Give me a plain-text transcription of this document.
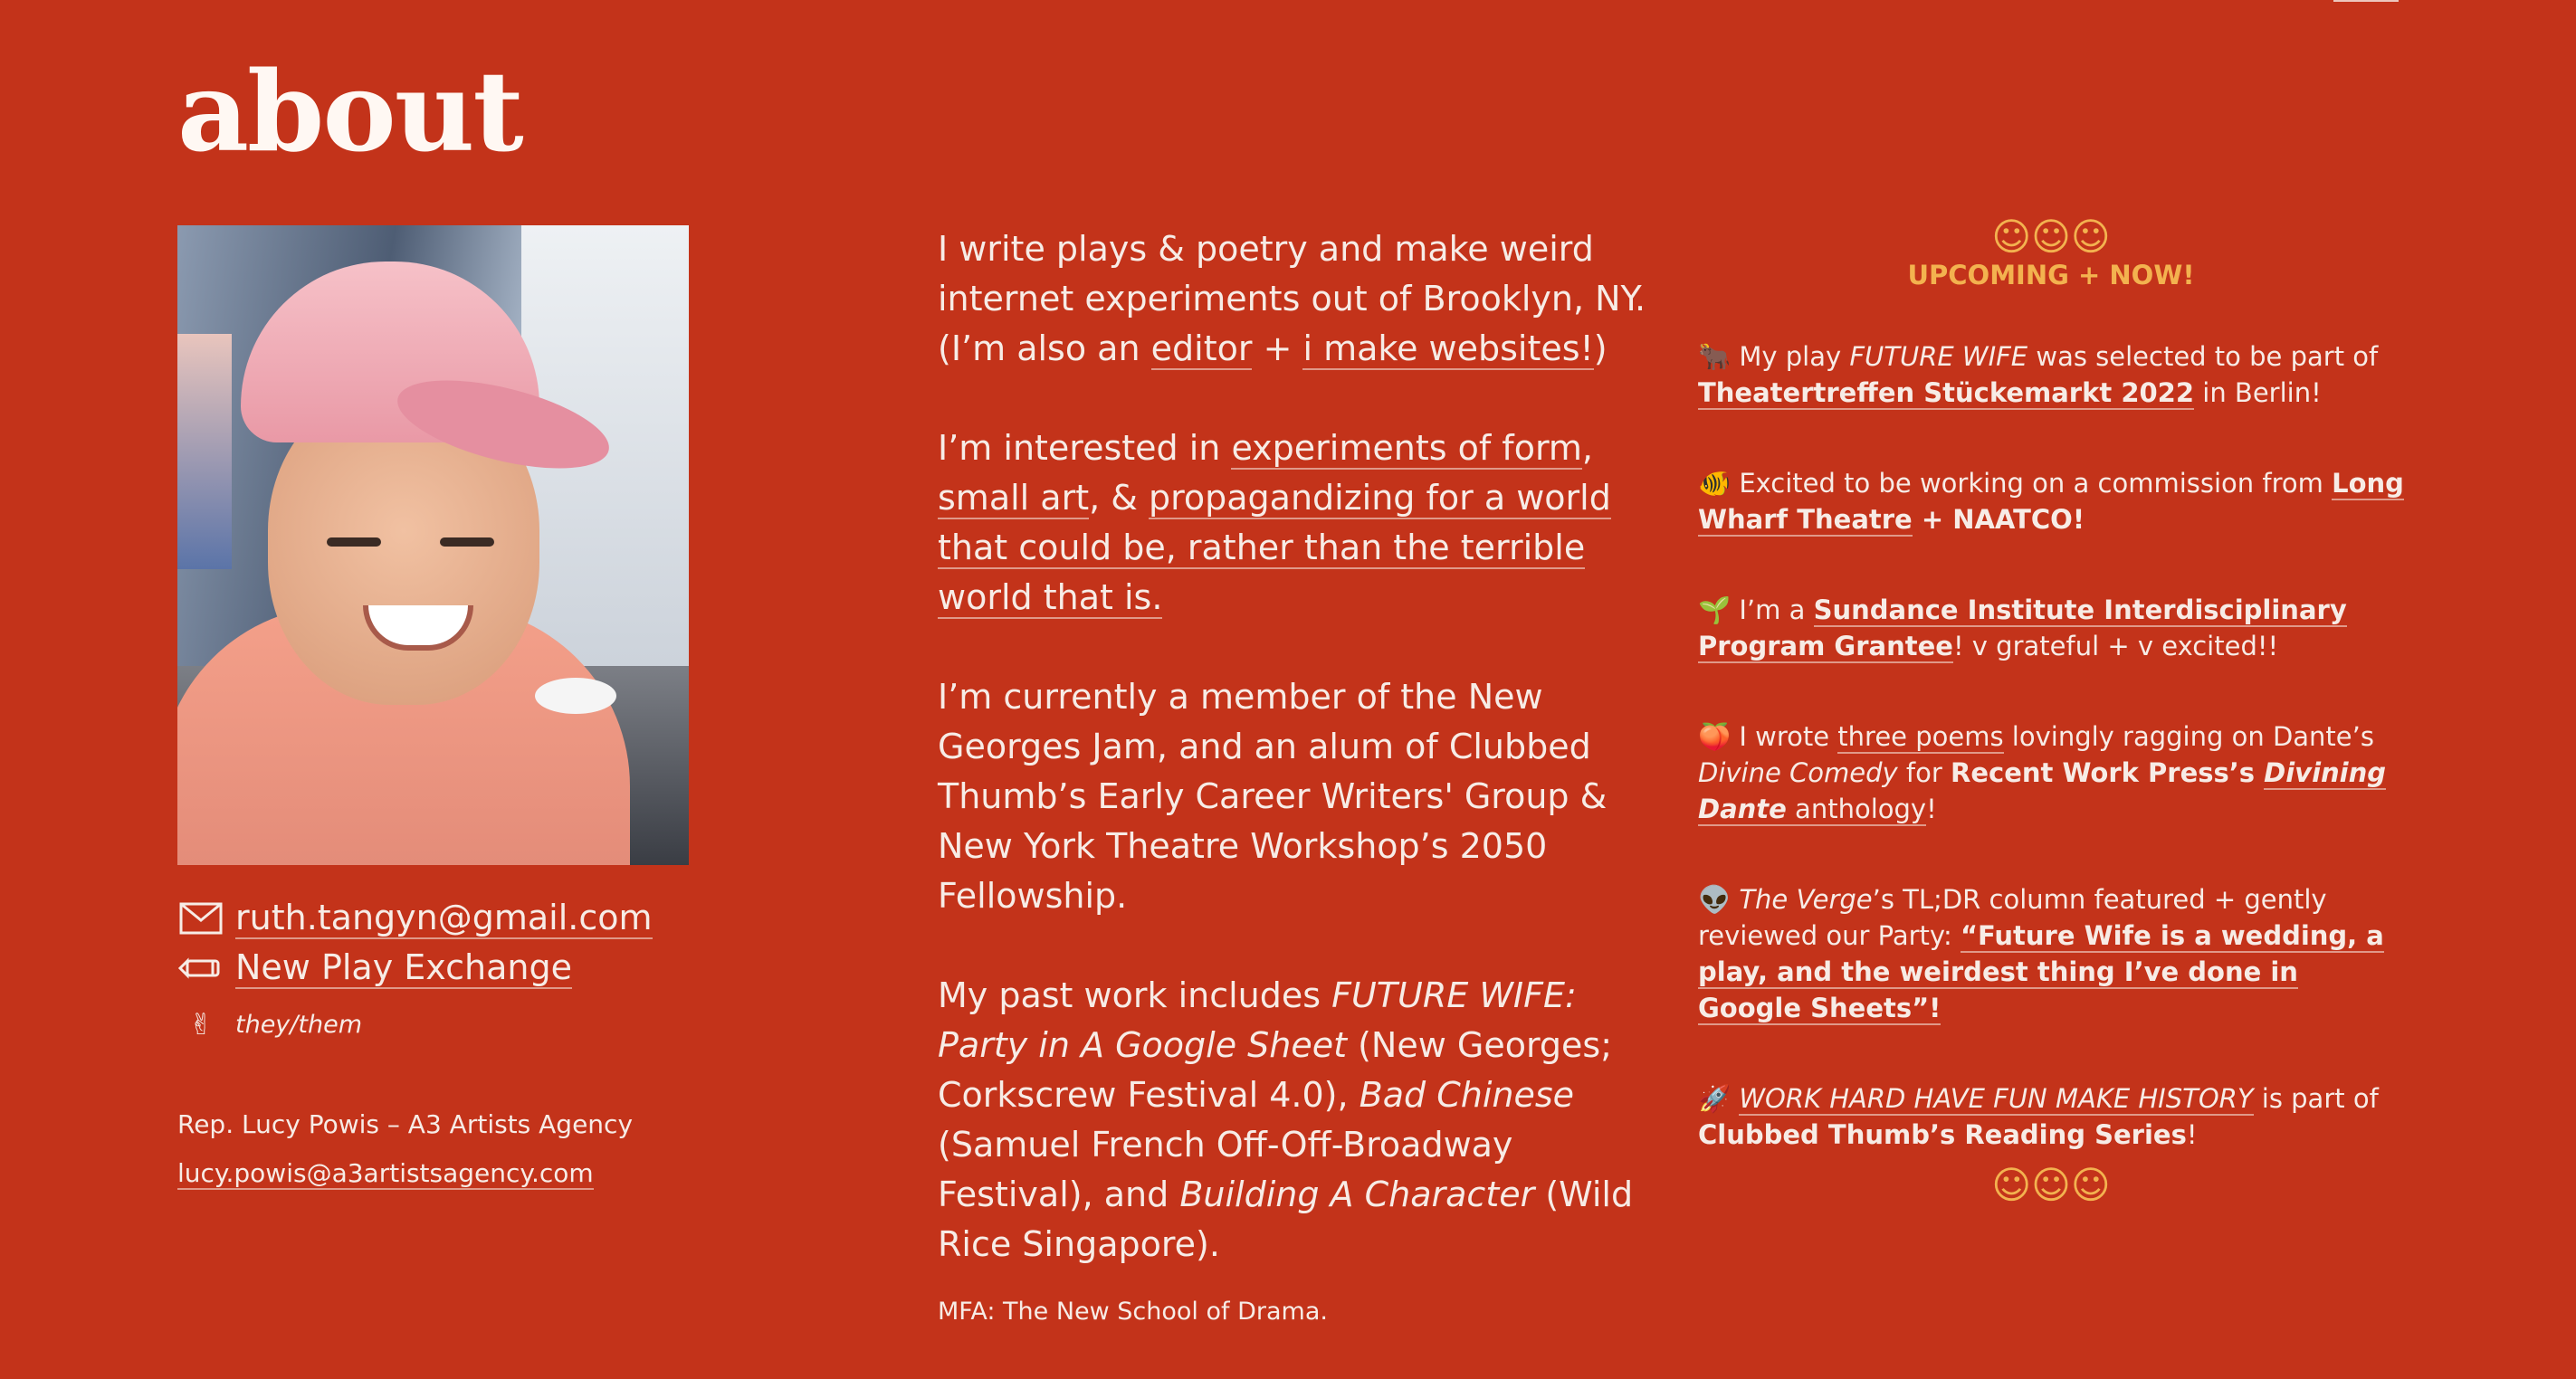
about
ruth.tangyn@gmail.com
New Play Exchange
✌ they/them
Rep. Lucy Powis – A3 Artists Agency
lucy.powis@a3artistsagency.com

I write plays & poetry and make weird internet experiments out of Brooklyn, NY. (I’m also an editor + i make websites!)

I’m interested in experiments of form, small art, & propagandizing for a world that could be, rather than the terrible world that is.

I’m currently a member of the New Georges Jam, and an alum of Clubbed Thumb’s Early Career Writers' Group & New York Theatre Workshop’s 2050 Fellowship.

My past work includes FUTURE WIFE: Party in A Google Sheet (New Georges; Corkscrew Festival 4.0), Bad Chinese (Samuel French Off-Off-Broadway Festival), and Building A Character (Wild Rice Singapore).

MFA: The New School of Drama.

☺☺☺
UPCOMING + NOW!
🐂 My play FUTURE WIFE was selected to be part of Theatertreffen Stückemarkt 2022 in Berlin!
🐠 Excited to be working on a commission from Long Wharf Theatre + NAATCO!
🌱 I’m a Sundance Institute Interdisciplinary Program Grantee! v grateful + v excited!!
🍑 I wrote three poems lovingly ragging on Dante’s Divine Comedy for Recent Work Press’s Divining Dante anthology!
👽 The Verge’s TL;DR column featured + gently reviewed our Party: “Future Wife is a wedding, a play, and the weirdest thing I’ve done in Google Sheets”!
🚀 WORK HARD HAVE FUN MAKE HISTORY is part of Clubbed Thumb’s Reading Series!
☺☺☺
